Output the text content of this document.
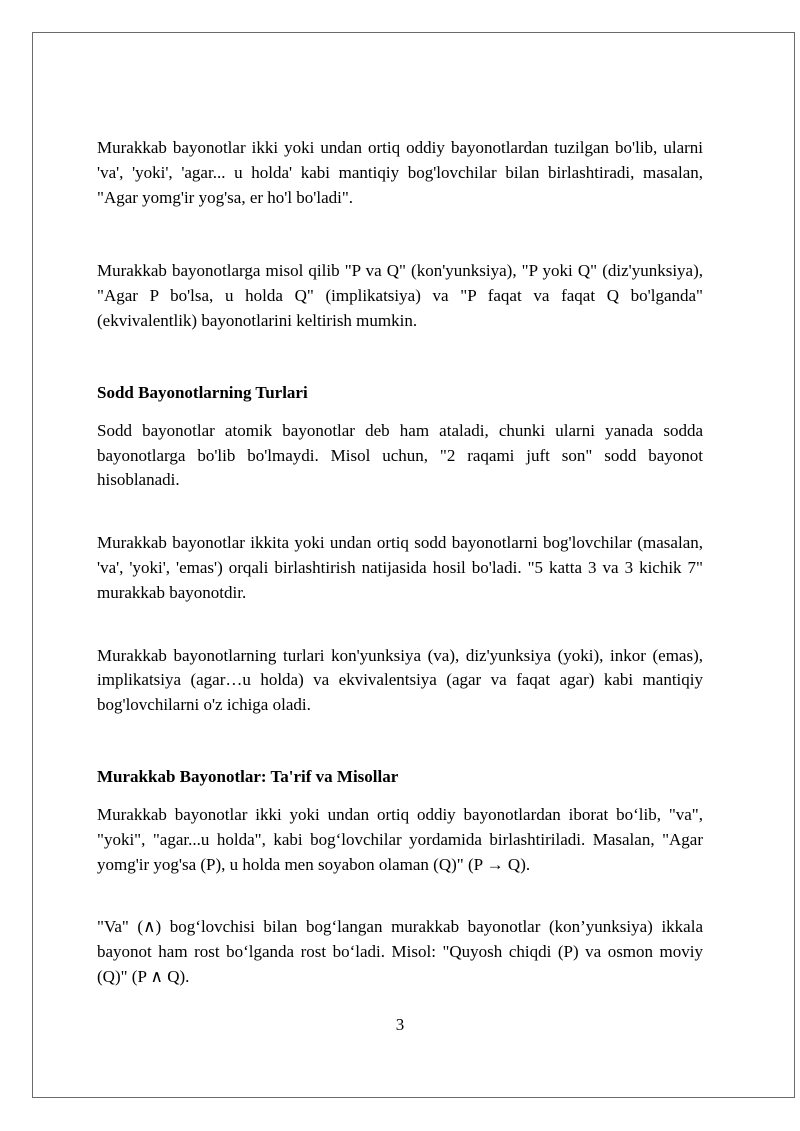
Murakkab bayonotlar ikki yoki undan ortiq oddiy bayonotlardan tuzilgan bo'lib, ularni 'va', 'yoki', 'agar... u holda' kabi mantiqiy bog'lovchilar bilan birlashtiradi, masalan, "Agar yomg'ir yog'sa, er ho'l bo'ladi".

Murakkab bayonotlarga misol qilib "P va Q" (kon'yunksiya), "P yoki Q" (diz'yunksiya), "Agar P bo'lsa, u holda Q" (implikatsiya) va "P faqat va faqat Q bo'lganda" (ekvivalentlik) bayonotlarini keltirish mumkin.

Sodd Bayonotlarning Turlari

Sodd bayonotlar atomik bayonotlar deb ham ataladi, chunki ularni yanada sodda bayonotlarga bo'lib bo'lmaydi. Misol uchun, "2 raqami juft son" sodd bayonot hisoblanadi.

Murakkab bayonotlar ikkita yoki undan ortiq sodd bayonotlarni bog'lovchilar (masalan, 'va', 'yoki', 'emas') orqali birlashtirish natijasida hosil bo'ladi. "5 katta 3 va 3 kichik 7" murakkab bayonotdir.

Murakkab bayonotlarning turlari kon'yunksiya (va), diz'yunksiya (yoki), inkor (emas), implikatsiya (agar…u holda) va ekvivalentsiya (agar va faqat agar) kabi mantiqiy bog'lovchilarni o'z ichiga oladi.

Murakkab Bayonotlar: Ta'rif va Misollar

Murakkab bayonotlar ikki yoki undan ortiq oddiy bayonotlardan iborat bo‘lib, "va", "yoki", "agar...u holda", kabi bog‘lovchilar yordamida birlashtiriladi. Masalan, "Agar yomg'ir yog'sa (P), u holda men soyabon olaman (Q)" (P → Q).

"Va" (∧) bog‘lovchisi bilan bog‘langan murakkab bayonotlar (kon’yunksiya) ikkala bayonot ham rost bo‘lganda rost bo‘ladi. Misol: "Quyosh chiqdi (P) va osmon moviy (Q)" (P ∧ Q).

3
